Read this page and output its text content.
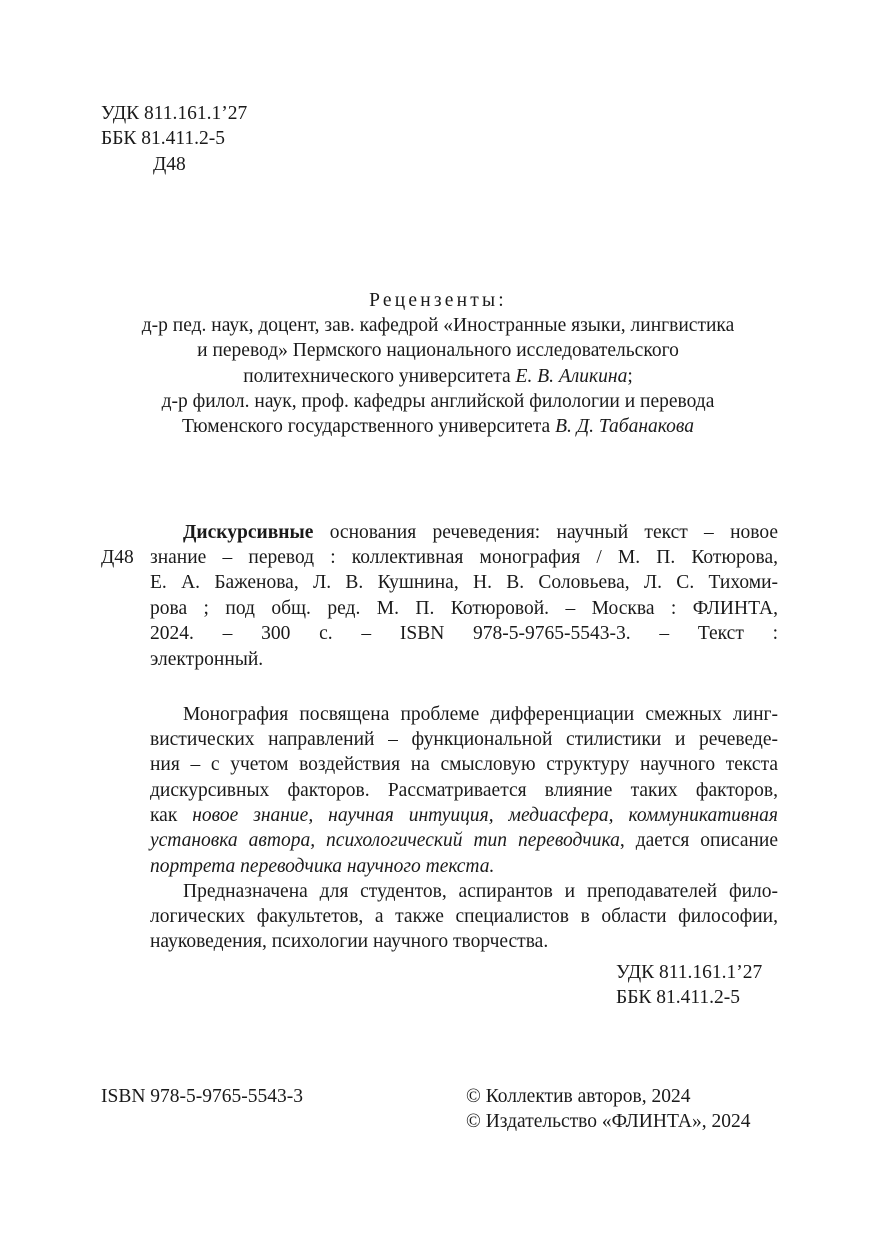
УДК 811.161.1’27
ББК 81.411.2-5
Д48
Рецензенты:
д-р пед. наук, доцент, зав. кафедрой «Иностранные языки, лингвистика
и перевод» Пермского национального исследовательского
политехнического университета Е. В. Аликина;
д-р филол. наук, проф. кафедры английской филологии и перевода
Тюменского государственного университета В. Д. Табанакова
Д48
Дискурсивные основания речеведения: научный текст – новое
знание – перевод : коллективная монография / М. П. Котюрова,
Е. А. Баженова, Л. В. Кушнина, Н. В. Соловьева, Л. С. Тихоми-
рова ; под общ. ред. М. П. Котюровой. – Москва : ФЛИНТА,
2024. – 300 с. – ISBN 978-5-9765-5543-3. – Текст :
электронный.
Монография посвящена проблеме дифференциации смежных линг-
вистических направлений – функциональной стилистики и речеведе-
ния – с учетом воздействия на смысловую структуру научного текста
дискурсивных факторов. Рассматривается влияние таких факторов,
как новое знание, научная интуиция, медиасфера, коммуникативная
установка автора, психологический тип переводчика, дается описание
портрета переводчика научного текста.
Предназначена для студентов, аспирантов и преподавателей фило-
логических факультетов, а также специалистов в области философии,
науковедения, психологии научного творчества.
УДК 811.161.1’27
ББК 81.411.2-5
ISBN 978-5-9765-5543-3	© Коллектив авторов, 2024
© Издательство «ФЛИНТА», 2024
